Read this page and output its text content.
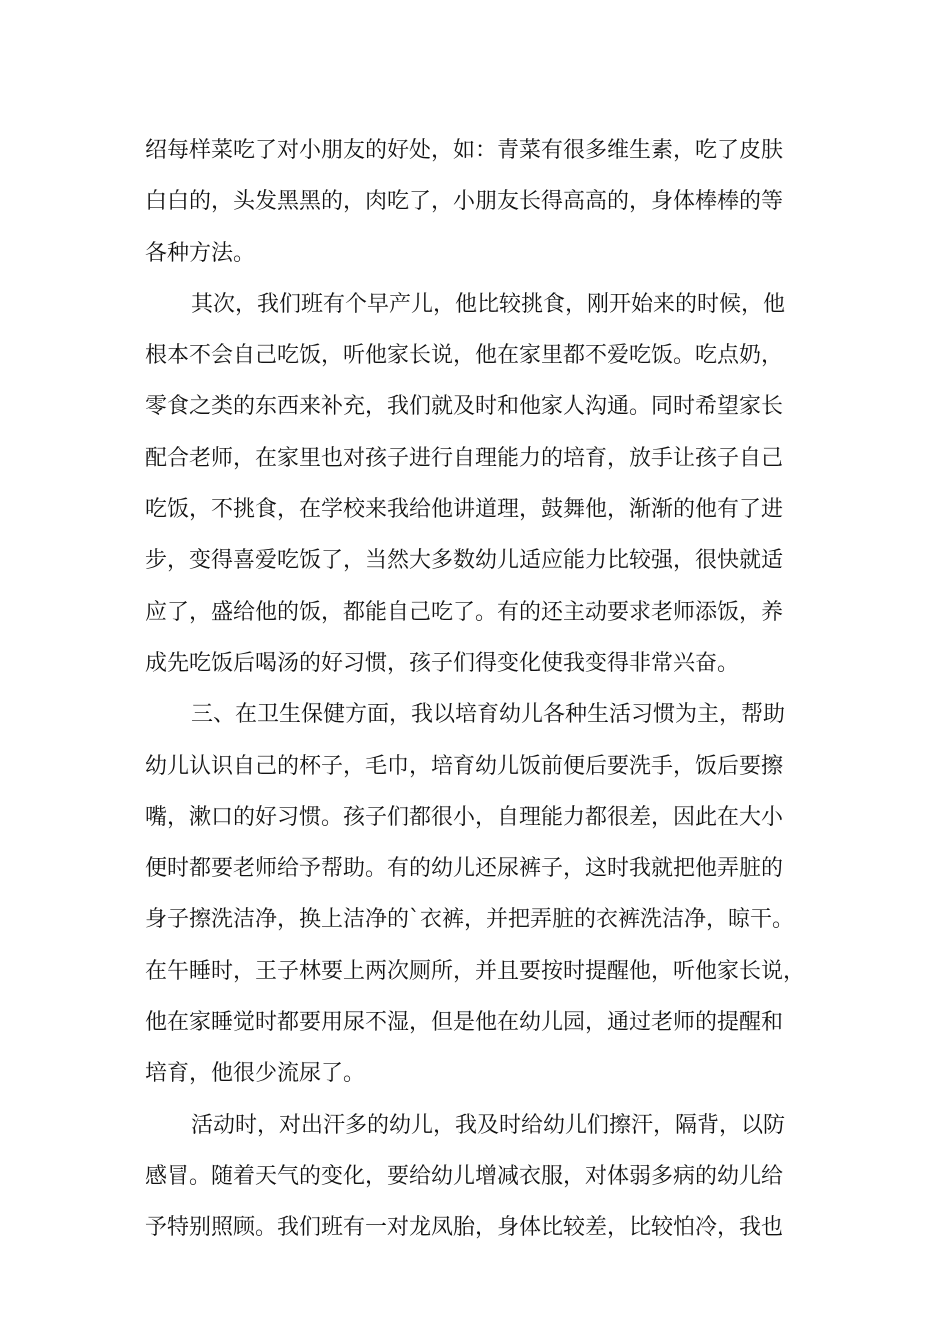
绍每样菜吃了对小朋友的好处，如：青菜有很多维生素，吃了皮肤
白白的，头发黑黑的，肉吃了，小朋友长得高高的，身体棒棒的等
各种方法。
其次，我们班有个早产儿，他比较挑食，刚开始来的时候，他
根本不会自己吃饭，听他家长说，他在家里都不爱吃饭。吃点奶，
零食之类的东西来补充，我们就及时和他家人沟通。同时希望家长
配合老师，在家里也对孩子进行自理能力的培育，放手让孩子自己
吃饭，不挑食，在学校来我给他讲道理，鼓舞他，渐渐的他有了进
步，变得喜爱吃饭了，当然大多数幼儿适应能力比较强，很快就适
应了，盛给他的饭，都能自己吃了。有的还主动要求老师添饭，养
成先吃饭后喝汤的好习惯，孩子们得变化使我变得非常兴奋。
三、在卫生保健方面，我以培育幼儿各种生活习惯为主，帮助
幼儿认识自己的杯子，毛巾，培育幼儿饭前便后要洗手，饭后要擦
嘴，漱口的好习惯。孩子们都很小，自理能力都很差，因此在大小
便时都要老师给予帮助。有的幼儿还尿裤子，这时我就把他弄脏的
身子擦洗洁净，换上洁净的`衣裤，并把弄脏的衣裤洗洁净，晾干。
在午睡时，王子林要上两次厕所，并且要按时提醒他，听他家长说，
他在家睡觉时都要用尿不湿，但是他在幼儿园，通过老师的提醒和
培育，他很少流尿了。
活动时，对出汗多的幼儿，我及时给幼儿们擦汗，隔背，以防
感冒。随着天气的变化，要给幼儿增减衣服，对体弱多病的幼儿给
予特别照顾。我们班有一对龙凤胎，身体比较差，比较怕冷，我也
